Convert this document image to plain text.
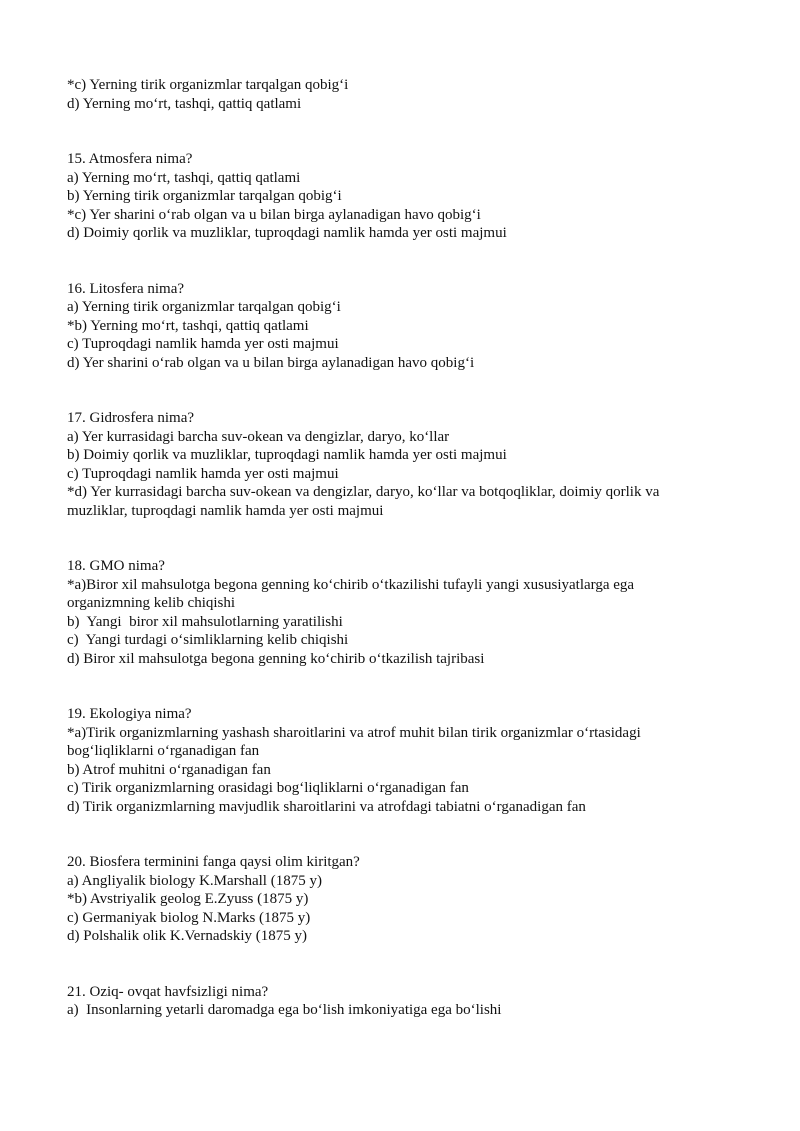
*c) Yerning tirik organizmlar tarqalgan qobig‘i

d) Yerning mo‘rt, tashqi, qattiq qatlami

15. Atmosfera nima?

a) Yerning mo‘rt, tashqi, qattiq qatlami

b) Yerning tirik organizmlar tarqalgan qobig‘i

*c) Yer sharini o‘rab olgan va u bilan birga aylanadigan havo qobig‘i

d) Doimiy qorlik va muzliklar, tuproqdagi namlik hamda yer osti majmui

16. Litosfera nima?

a) Yerning tirik organizmlar tarqalgan qobig‘i

*b) Yerning mo‘rt, tashqi, qattiq qatlami

c) Tuproqdagi namlik hamda yer osti majmui

d) Yer sharini o‘rab olgan va u bilan birga aylanadigan havo qobig‘i

17. Gidrosfera nima?

a) Yer kurrasidagi barcha suv-okean va dengizlar, daryo, ko‘llar

b) Doimiy qorlik va muzliklar, tuproqdagi namlik hamda yer osti majmui

c) Tuproqdagi namlik hamda yer osti majmui

*d) Yer kurrasidagi barcha suv-okean va dengizlar, daryo, ko‘llar va botqoqliklar, doimiy qorlik va

muzliklar, tuproqdagi namlik hamda yer osti majmui

18. GMO nima?

*a)Biror xil mahsulotga begona genning ko‘chirib o‘tkazilishi tufayli yangi xususiyatlarga ega

organizmning kelib chiqishi

b)  Yangi  biror xil mahsulotlarning yaratilishi

c)  Yangi turdagi o‘simliklarning kelib chiqishi

d) Biror xil mahsulotga begona genning ko‘chirib o‘tkazilish tajribasi

19. Ekologiya nima?

*a)Tirik organizmlarning yashash sharoitlarini va atrof muhit bilan tirik organizmlar o‘rtasidagi

bog‘liqliklarni o‘rganadigan fan

b) Atrof muhitni o‘rganadigan fan

c) Tirik organizmlarning orasidagi bog‘liqliklarni o‘rganadigan fan

d) Tirik organizmlarning mavjudlik sharoitlarini va atrofdagi tabiatni o‘rganadigan fan

20. Biosfera terminini fanga qaysi olim kiritgan?

a) Angliyalik biology K.Marshall (1875 y)

*b) Avstriyalik geolog E.Zyuss (1875 y)

c) Germaniyak biolog N.Marks (1875 y)

d) Polshalik olik K.Vernadskiy (1875 y)

21. Oziq- ovqat havfsizligi nima?

a)  Insonlarning yetarli daromadga ega bo‘lish imkoniyatiga ega bo‘lishi
